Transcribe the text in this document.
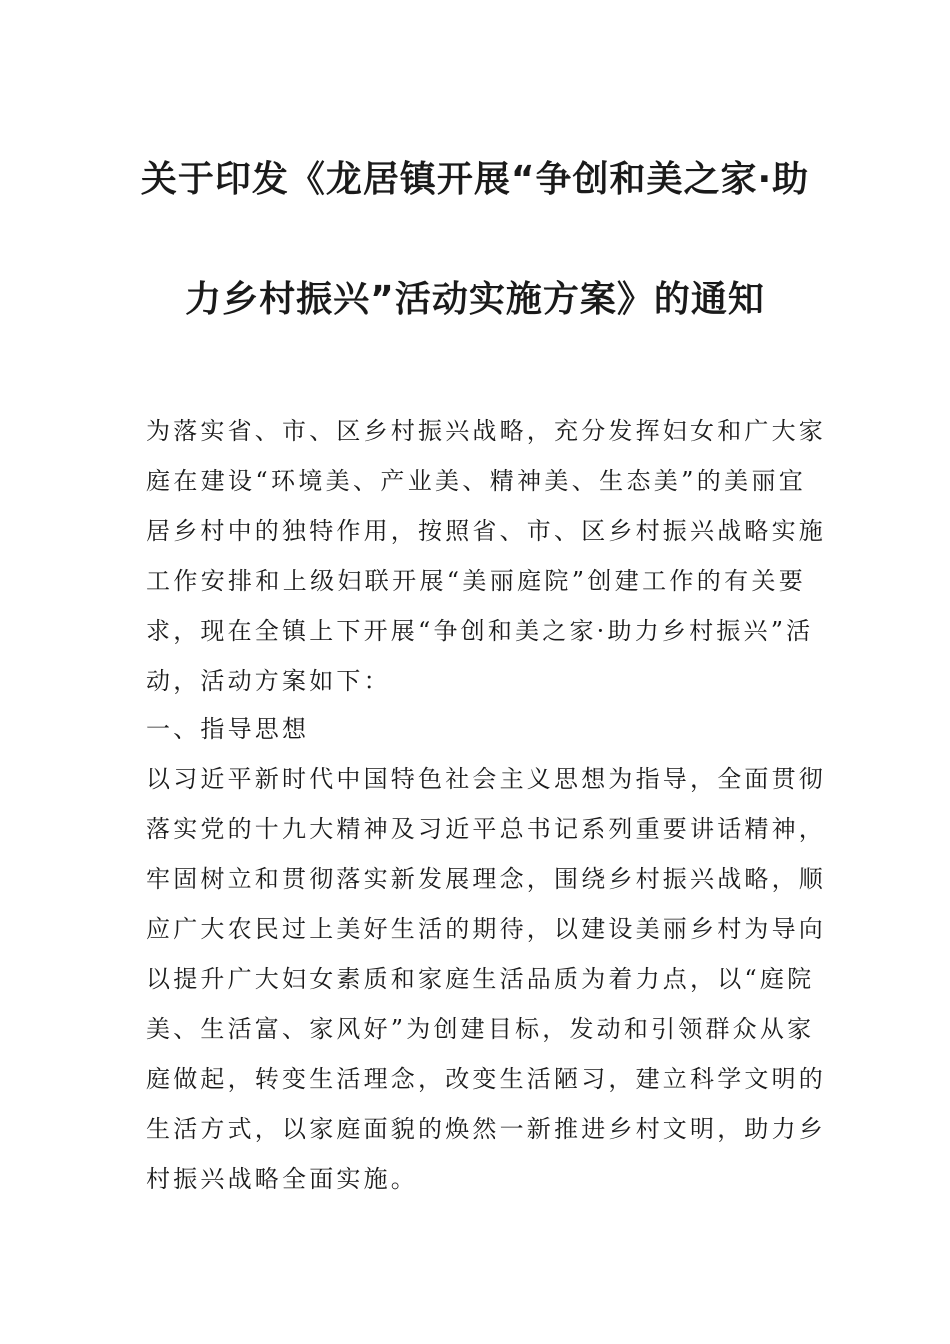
关于印发《龙居镇开展“争创和美之家·助
力乡村振兴”活动实施方案》的通知
为落实省、市、区乡村振兴战略，充分发挥妇女和广大家
庭在建设“环境美、产业美、精神美、生态美”的美丽宜
居乡村中的独特作用，按照省、市、区乡村振兴战略实施
工作安排和上级妇联开展“美丽庭院”创建工作的有关要
求，现在全镇上下开展“争创和美之家·助力乡村振兴”活
动，活动方案如下：
一、指导思想
以习近平新时代中国特色社会主义思想为指导，全面贯彻
落实党的十九大精神及习近平总书记系列重要讲话精神，
牢固树立和贯彻落实新发展理念，围绕乡村振兴战略，顺
应广大农民过上美好生活的期待，以建设美丽乡村为导向
以提升广大妇女素质和家庭生活品质为着力点，以“庭院
美、生活富、家风好”为创建目标，发动和引领群众从家
庭做起，转变生活理念，改变生活陋习，建立科学文明的
生活方式，以家庭面貌的焕然一新推进乡村文明，助力乡
村振兴战略全面实施。
